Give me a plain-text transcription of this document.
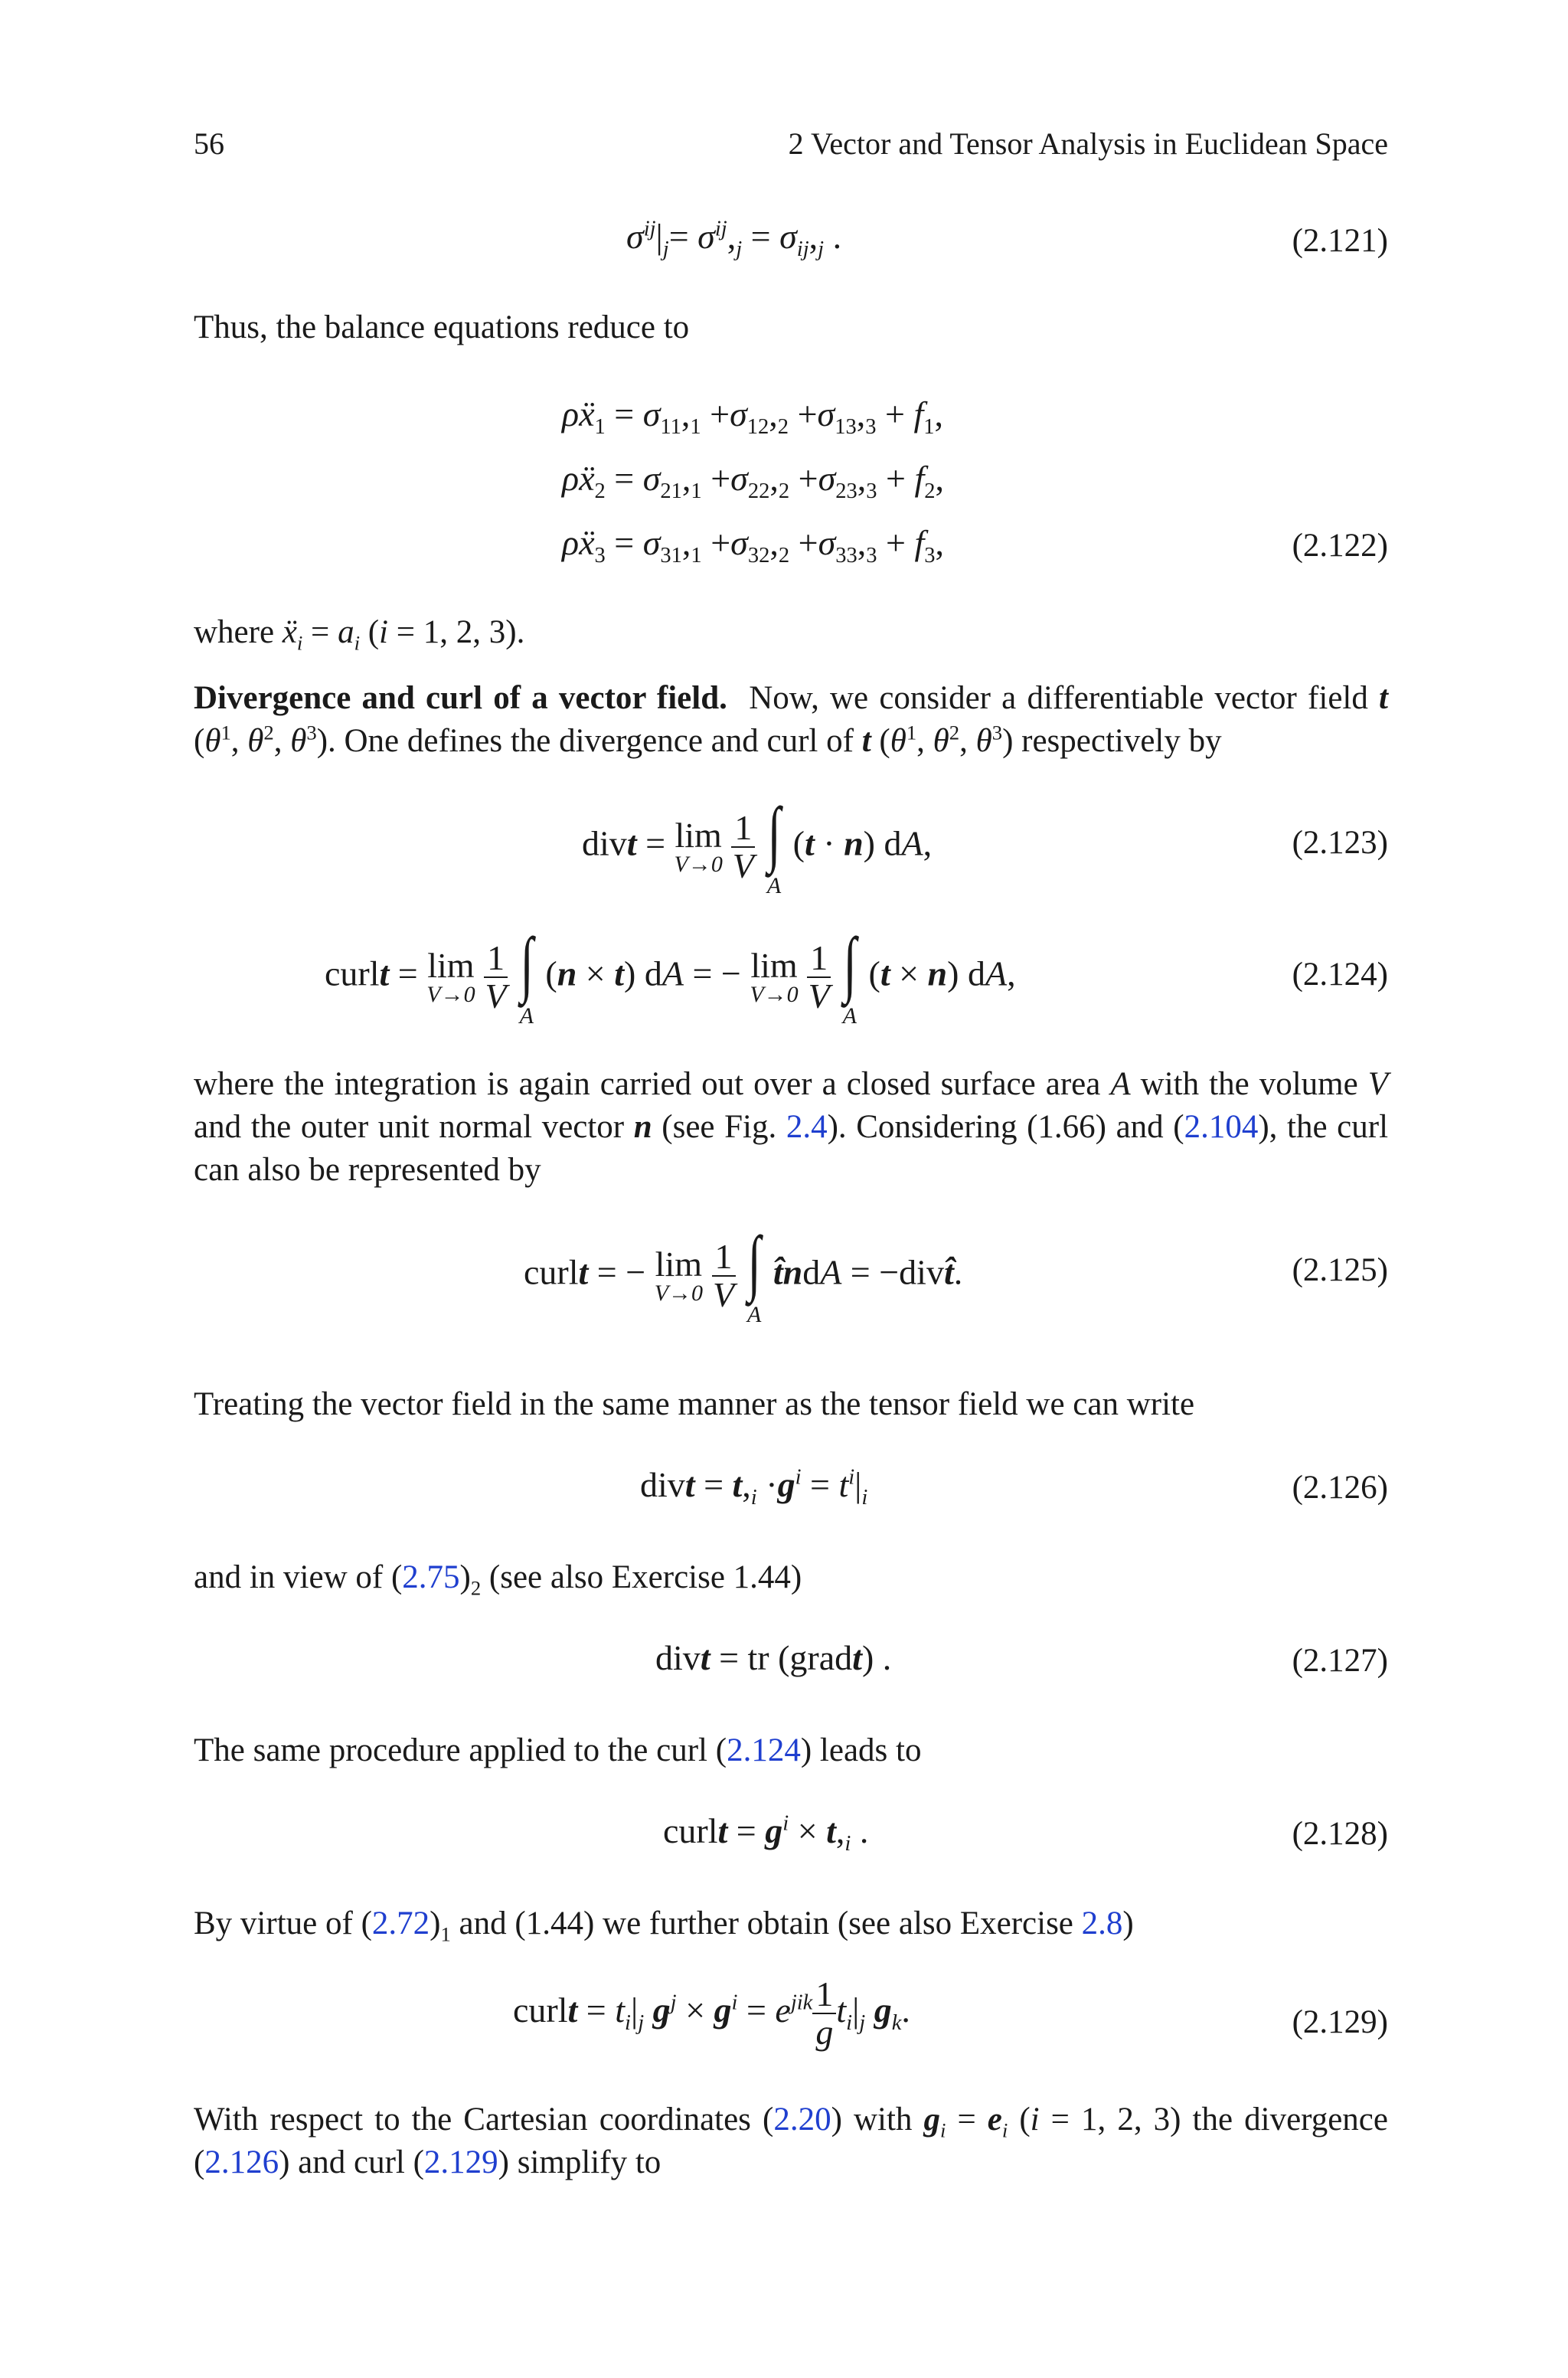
56	2 Vector and Tensor Analysis in Euclidean Space
$\sigma^{ij}|_j= \sigma^{ij},_j = \sigma_{ij},_j$ .	(2.121)
Thus, the balance equations reduce to
ρẍ$_1$ = $\sigma_{11},_1 +\sigma_{12},_2 +\sigma_{13},_3 + f_1$,
ρẍ$_2$ = $\sigma_{21},_1 +\sigma_{22},_2 +\sigma_{23},_3 + f_2$,
ρẍ$_3$ = $\sigma_{31},_1 +\sigma_{32},_2 +\sigma_{33},_3 + f_3$,	(2.122)
where ẍ$_i$ = $a_i$ (i = 1, 2, 3).
Divergence and curl of a vector field.  Now, we consider a differentiable vector field t ($\theta^1$, $\theta^2$, $\theta^3$). One defines the divergence and curl of t ($\theta^1$, $\theta^2$, $\theta^3$) respectively by
divt = lim
V→0
$\frac{1}{V}$
∫
A
(t · n) dA,	(2.123)
curlt = lim
V→0
$\frac{1}{V}$
∫
A
(n × t) dA = − lim
V→0
$\frac{1}{V}$
∫
A
(t × n) dA,	(2.124)
where the integration is again carried out over a closed surface area A with the volume V and the outer unit normal vector n (see Fig. 2.4). Considering (1.66) and (2.104), the curl can also be represented by
curlt = − lim
V→0
$\frac{1}{V}$
∫
A
t̂ndA = −divt̂.	(2.125)
Treating the vector field in the same manner as the tensor field we can write
divt = $t,_i \cdot g^i = t^i|_i$	(2.126)
and in view of $(2.75)_2$ (see also Exercise 1.44)
divt = tr (gradt) .	(2.127)
The same procedure applied to the curl (2.124) leads to
curlt = $g^i \times t,_i$ .	(2.128)
By virtue of $(2.72)_1$ and (1.44) we further obtain (see also Exercise 2.8)
curlt = $t_i|_j$ $g^j \times g^i = e^{jik} \frac{1}{g} t_i|_j$ $g_k$.	(2.129)
With respect to the Cartesian coordinates (2.20) with $g_i = e_i$ (i = 1, 2, 3) the divergence (2.126) and curl (2.129) simplify to
